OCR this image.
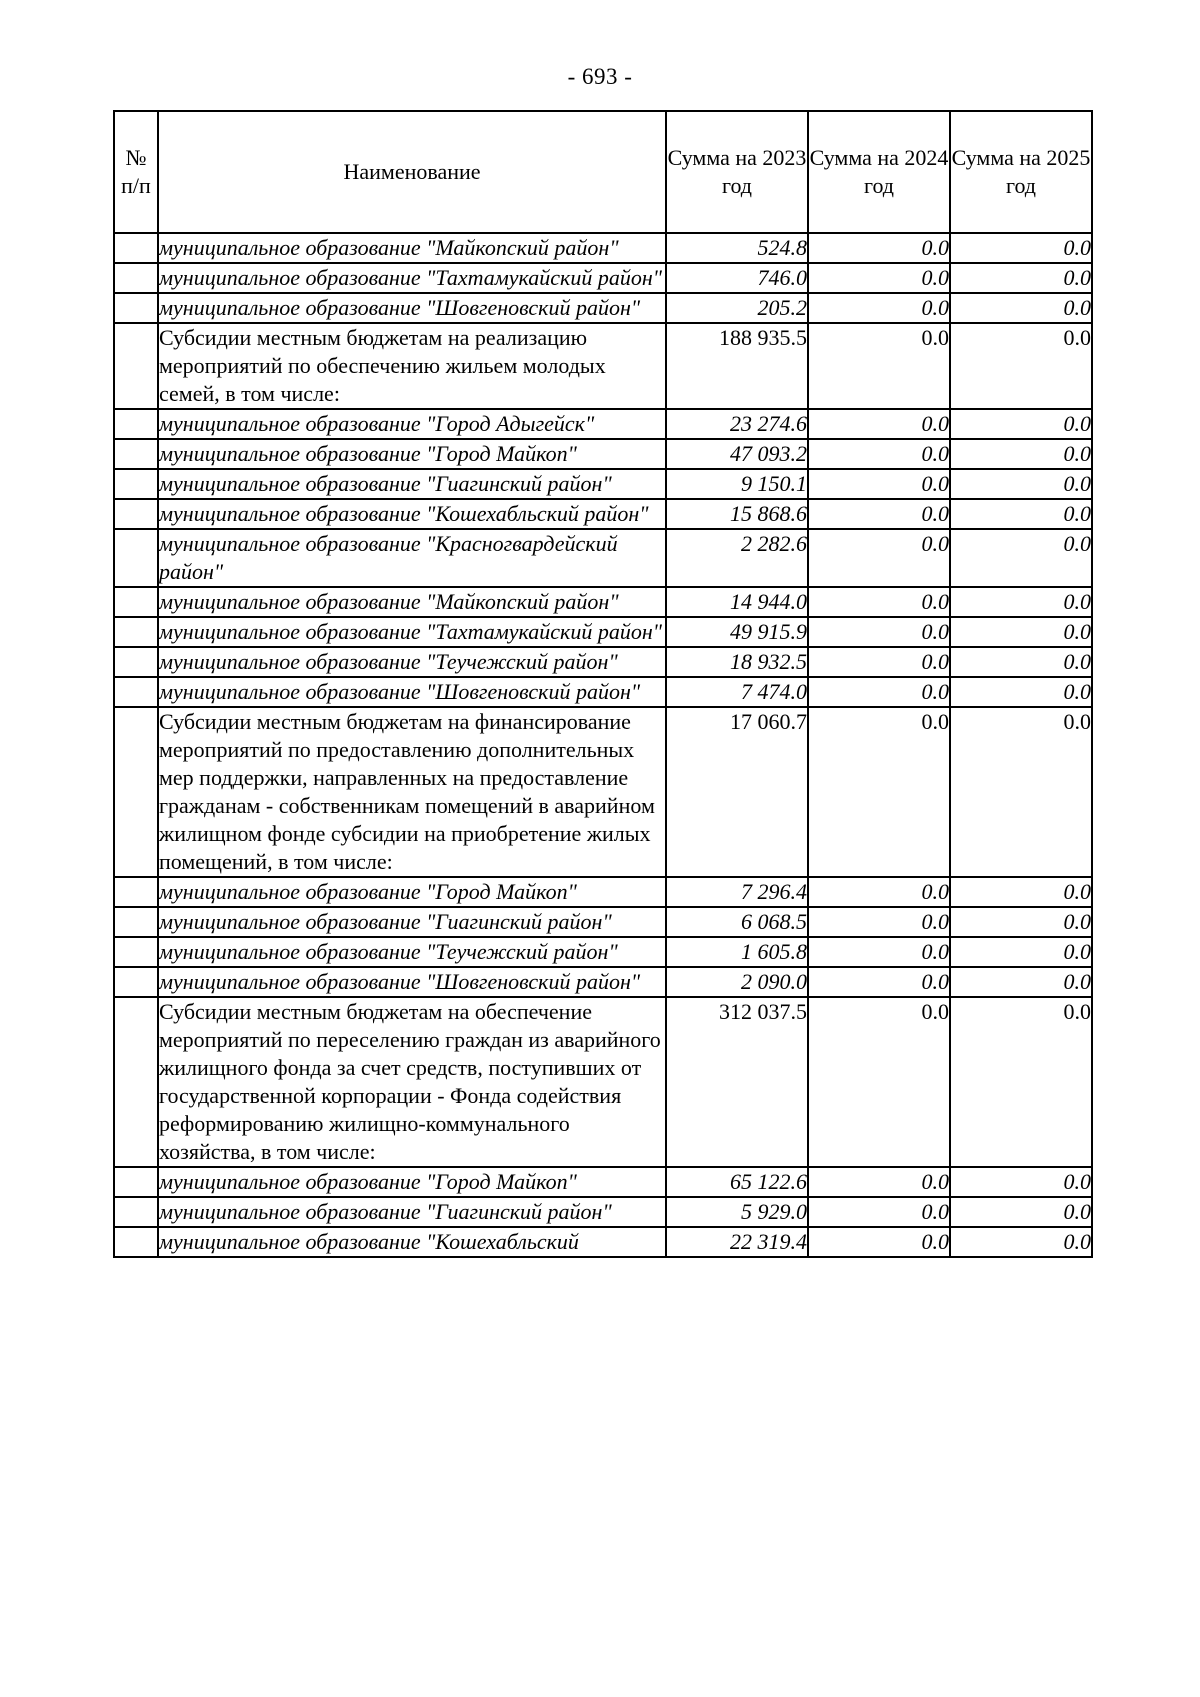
- 693 -
№ п/п	Наименование	Сумма на 2023 год	Сумма на 2024 год	Сумма на 2025 год
	муниципальное образование "Майкопский район"	524.8	0.0	0.0
	муниципальное образование "Тахтамукайский район"	746.0	0.0	0.0
	муниципальное образование "Шовгеновский район"	205.2	0.0	0.0
	Субсидии местным бюджетам на реализацию мероприятий по обеспечению жильем молодых семей, в том числе:	188 935.5	0.0	0.0
	муниципальное образование "Город Адыгейск"	23 274.6	0.0	0.0
	муниципальное образование "Город Майкоп"	47 093.2	0.0	0.0
	муниципальное образование "Гиагинский район"	9 150.1	0.0	0.0
	муниципальное образование "Кошехабльский район"	15 868.6	0.0	0.0
	муниципальное образование "Красногвардейский район"	2 282.6	0.0	0.0
	муниципальное образование "Майкопский район"	14 944.0	0.0	0.0
	муниципальное образование "Тахтамукайский район"	49 915.9	0.0	0.0
	муниципальное образование "Теучежский район"	18 932.5	0.0	0.0
	муниципальное образование "Шовгеновский район"	7 474.0	0.0	0.0
	Субсидии местным бюджетам на финансирование мероприятий по предоставлению дополнительных мер поддержки, направленных на предоставление гражданам - собственникам помещений в аварийном жилищном фонде субсидии на приобретение жилых помещений, в том числе:	17 060.7	0.0	0.0
	муниципальное образование "Город Майкоп"	7 296.4	0.0	0.0
	муниципальное образование "Гиагинский район"	6 068.5	0.0	0.0
	муниципальное образование "Теучежский район"	1 605.8	0.0	0.0
	муниципальное образование "Шовгеновский район"	2 090.0	0.0	0.0
	Субсидии местным бюджетам на обеспечение мероприятий по переселению граждан из аварийного жилищного фонда за счет средств, поступивших от государственной корпорации - Фонда содействия реформированию жилищно-коммунального хозяйства, в том числе:	312 037.5	0.0	0.0
	муниципальное образование "Город Майкоп"	65 122.6	0.0	0.0
	муниципальное образование "Гиагинский район"	5 929.0	0.0	0.0
	муниципальное образование "Кошехабльский	22 319.4	0.0	0.0
